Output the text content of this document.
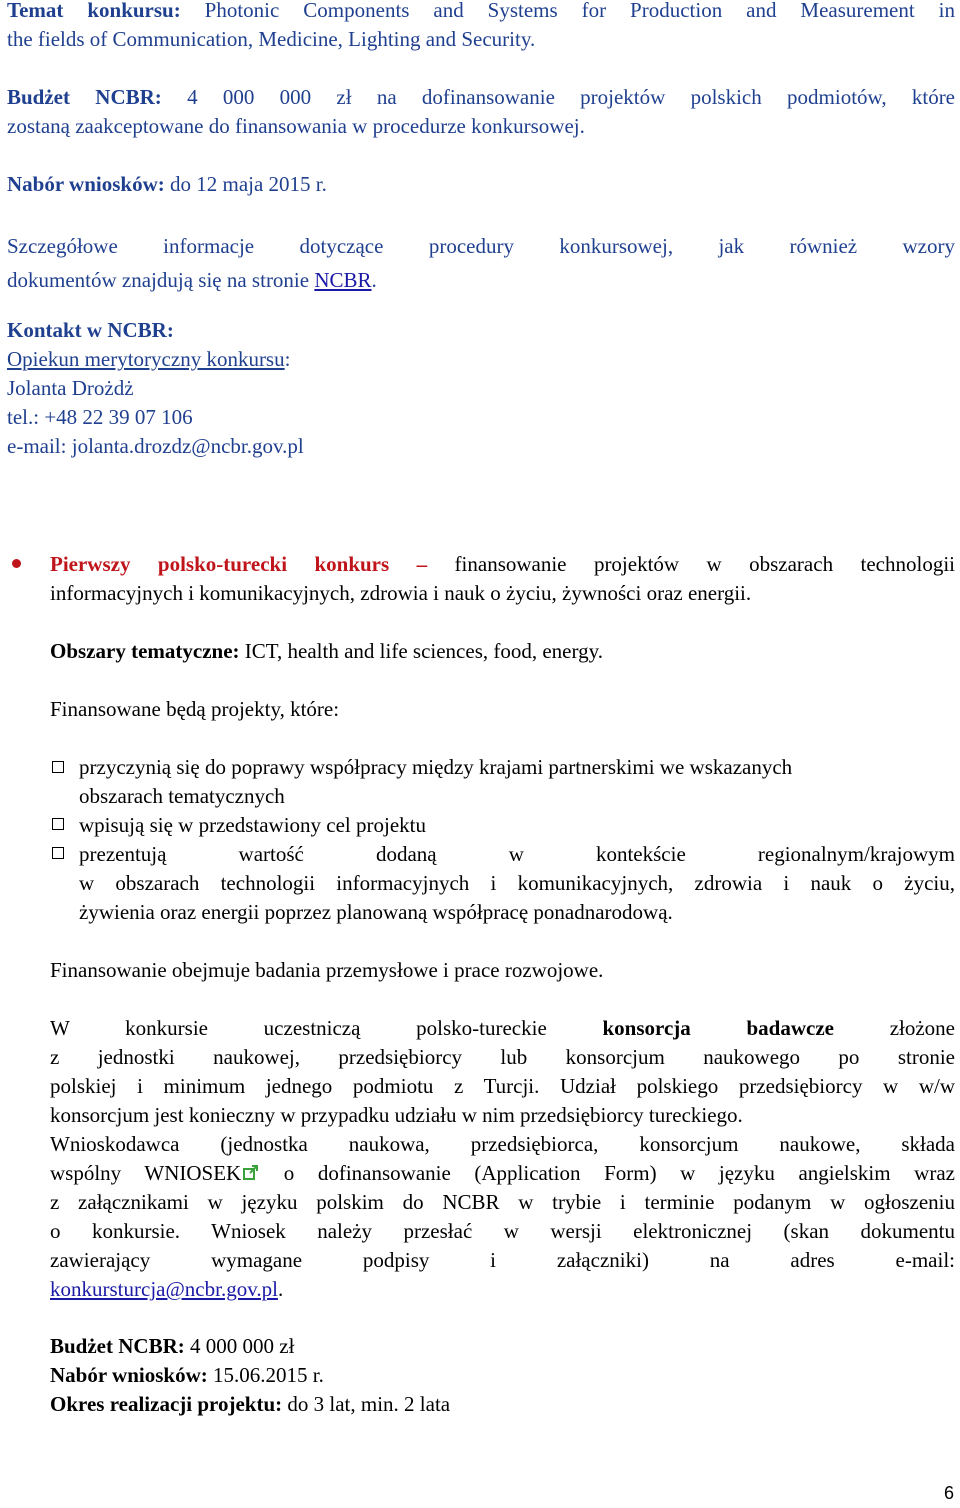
Temat konkursu: Photonic Components and Systems for Production and Measurement in
the fields of Communication, Medicine, Lighting and Security.
Budżet NCBR: 4 000 000 zł na dofinansowanie projektów polskich podmiotów, które
zostaną zaakceptowane do finansowania w procedurze konkursowej.
Nabór wniosków: do 12 maja 2015 r.
Szczegółowe informacje dotyczące procedury konkursowej, jak również wzory
dokumentów znajdują się na stronie NCBR.
Kontakt w NCBR:
Opiekun merytoryczny konkursu:
Jolanta Drożdż
tel.: +48 22 39 07 106
e-mail: jolanta.drozdz@ncbr.gov.pl
Pierwszy polsko-turecki konkurs – finansowanie projektów w obszarach technologii
informacyjnych i komunikacyjnych, zdrowia i nauk o życiu, żywności oraz energii.
Obszary tematyczne: ICT, health and life sciences, food, energy.
Finansowane będą projekty, które:
przyczynią się do poprawy współpracy między krajami partnerskimi we wskazanych
obszarach tematycznych
wpisują się w przedstawiony cel projektu
prezentują wartość dodaną w kontekście regionalnym/krajowym
w obszarach technologii informacyjnych i komunikacyjnych, zdrowia i nauk o życiu,
żywienia oraz energii poprzez planowaną współpracę ponadnarodową.
Finansowanie obejmuje badania przemysłowe i prace rozwojowe.
W konkursie uczestniczą polsko-tureckie konsorcja badawcze złożone
z jednostki naukowej, przedsiębiorcy lub konsorcjum naukowego po stronie
polskiej i minimum jednego podmiotu z Turcji. Udział polskiego przedsiębiorcy w w/w
konsorcjum jest konieczny w przypadku udziału w nim przedsiębiorcy tureckiego.
Wnioskodawca (jednostka naukowa, przedsiębiorca, konsorcjum naukowe, składa
wspólny WNIOSEK o dofinansowanie (Application Form) w języku angielskim wraz
z załącznikami w języku polskim do NCBR w trybie i terminie podanym w ogłoszeniu
o konkursie. Wniosek należy przesłać w wersji elektronicznej (skan dokumentu
zawierający wymagane podpisy i załączniki) na adres e-mail:
konkursturcja@ncbr.gov.pl.
Budżet NCBR: 4 000 000 zł
Nabór wniosków: 15.06.2015 r.
Okres realizacji projektu: do 3 lat, min. 2 lata
6
